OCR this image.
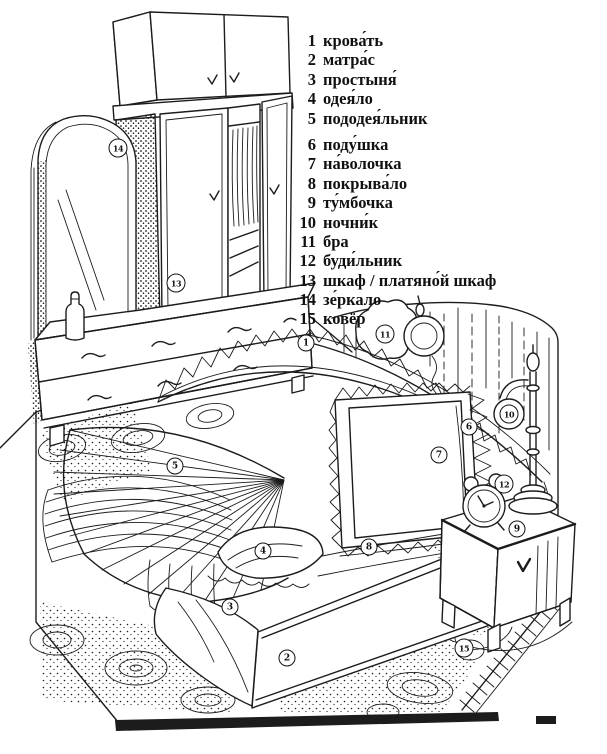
1 крова́ть
2 матра́с
3 простыня́
4 одея́ло
5 пододея́льник
6 поду́шка
7 на́волочка
8 покрыва́ло
9 ту́мбочка
10 ночни́к
11 бра
12 буди́льник
13 шкаф / платяно́й шкаф
14 зе́ркало
15 ковёр
1
2
3
4
5
6
7
8
9
10
11
12
13
14
15
